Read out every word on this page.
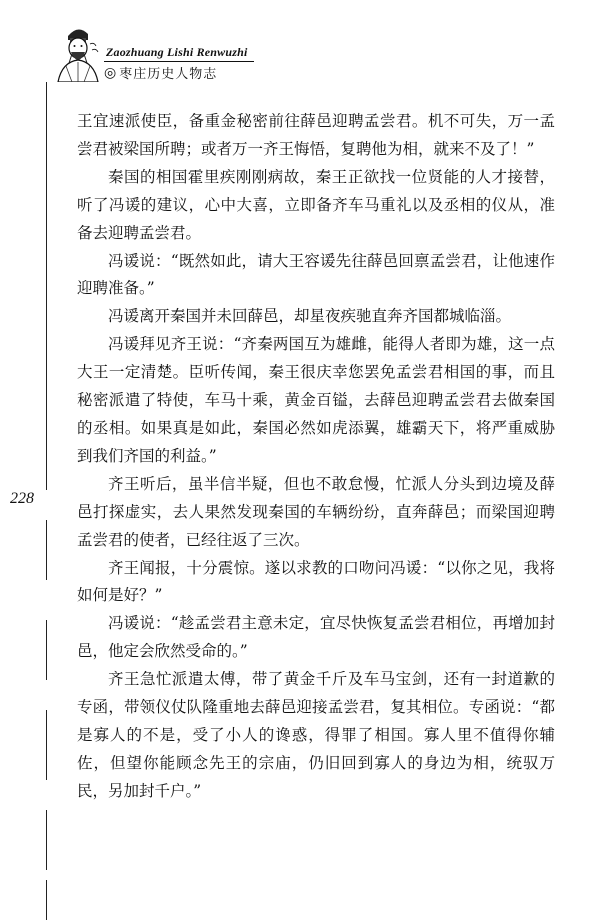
Zaozhuang Lishi Renwuzhi
◎ 枣庄历史人物志
228

王宜速派使臣，备重金秘密前往薛邑迎聘孟尝君。机不可失，万一孟尝君被梁国所聘；或者万一齐王悔悟，复聘他为相，就来不及了！”

秦国的相国霍里疾刚刚病故，秦王正欲找一位贤能的人才接替，听了冯谖的建议，心中大喜，立即备齐车马重礼以及丞相的仪从，准备去迎聘孟尝君。

冯谖说：“既然如此，请大王容谖先往薛邑回禀孟尝君，让他速作迎聘准备。”

冯谖离开秦国并未回薛邑，却星夜疾驰直奔齐国都城临淄。

冯谖拜见齐王说：“齐秦两国互为雄雌，能得人者即为雄，这一点大王一定清楚。臣听传闻，秦王很庆幸您罢免孟尝君相国的事，而且秘密派遣了特使，车马十乘，黄金百镒，去薛邑迎聘孟尝君去做秦国的丞相。如果真是如此，秦国必然如虎添翼，雄霸天下，将严重威胁到我们齐国的利益。”

齐王听后，虽半信半疑，但也不敢怠慢，忙派人分头到边境及薛邑打探虚实，去人果然发现秦国的车辆纷纷，直奔薛邑；而梁国迎聘孟尝君的使者，已经往返了三次。

齐王闻报，十分震惊。遂以求教的口吻问冯谖：“以你之见，我将如何是好？”

冯谖说：“趁孟尝君主意未定，宜尽快恢复孟尝君相位，再增加封邑，他定会欣然受命的。”

齐王急忙派遣太傅，带了黄金千斤及车马宝剑，还有一封道歉的专函，带领仪仗队隆重地去薛邑迎接孟尝君，复其相位。专函说：“都是寡人的不是，受了小人的谗惑，得罪了相国。寡人里不值得你辅佐，但望你能顾念先王的宗庙，仍旧回到寡人的身边为相，统驭万民，另加封千户。”
